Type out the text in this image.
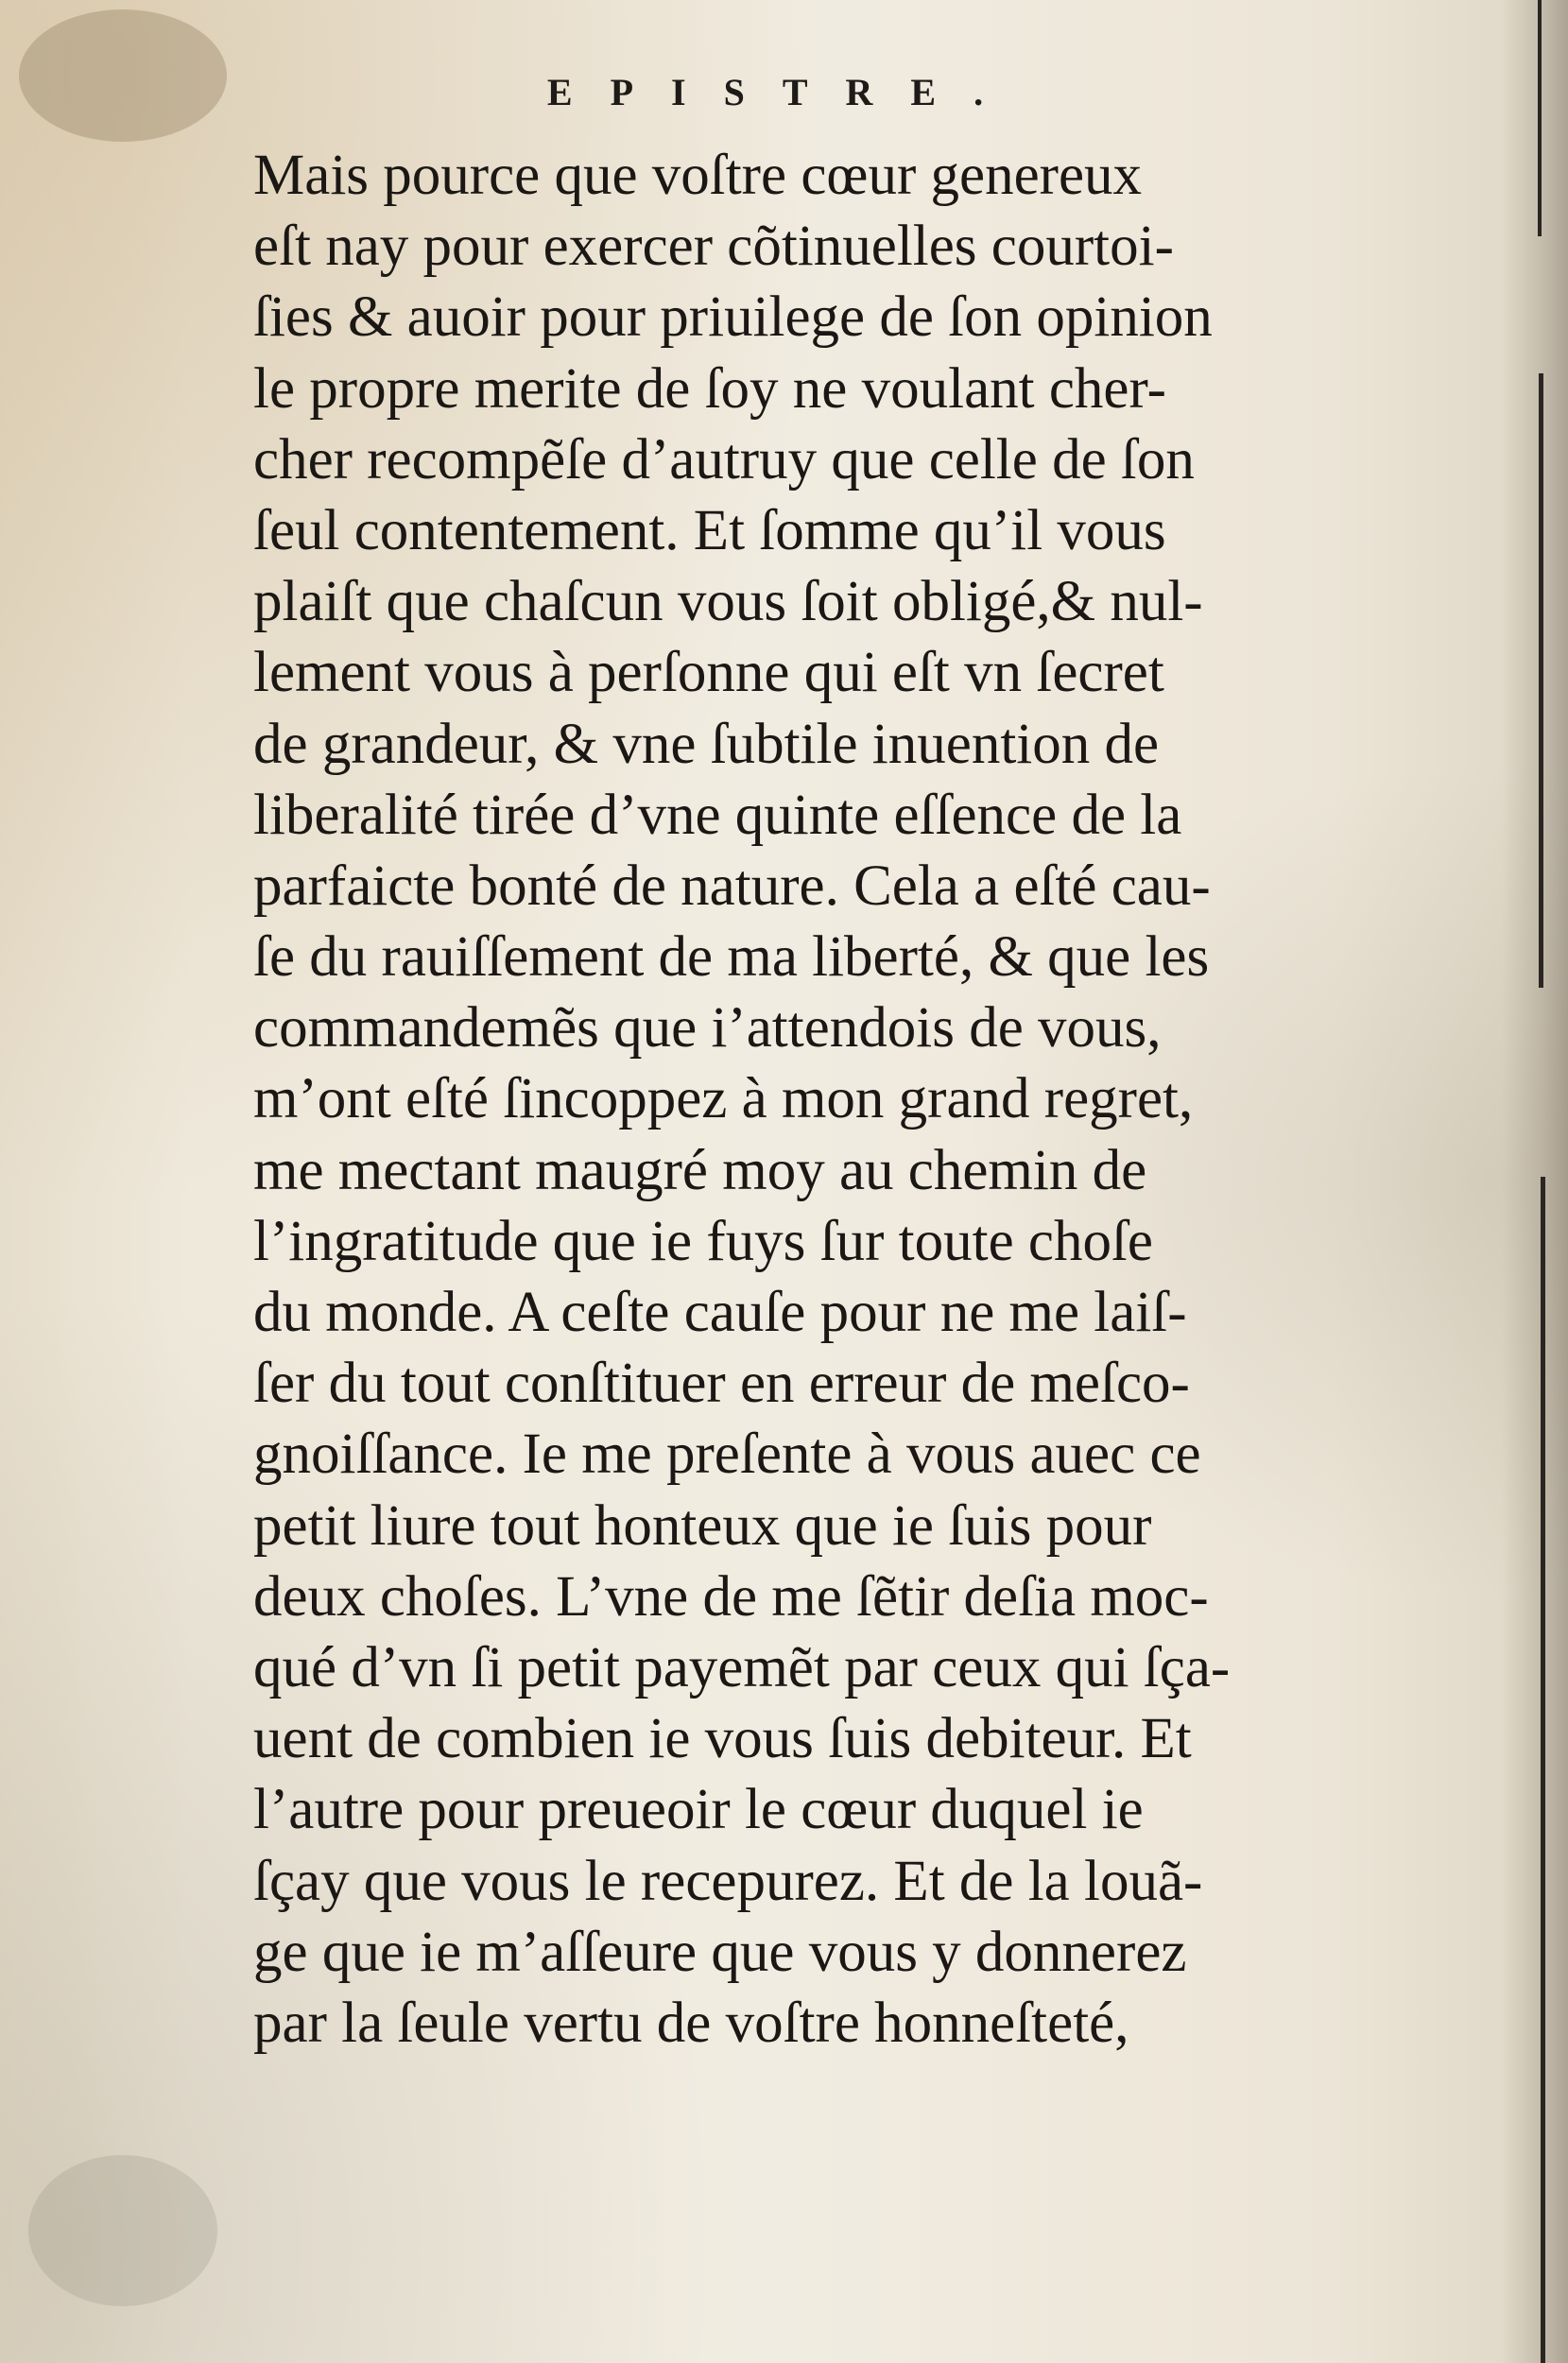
EPISTRE.
Mais pource que voſtre cœur genereux
eſt nay pour exercer cõtinuelles courtoi-
ſies & auoir pour priuilege de ſon opinion
le propre merite de ſoy ne voulant cher-
cher recompẽſe d’autruy que celle de ſon
ſeul contentement. Et ſomme qu’il vous
plaiſt que chaſcun vous ſoit obligé,& nul-
lement vous à perſonne qui eſt vn ſecret
de grandeur, & vne ſubtile inuention de
liberalité tirée d’vne quinte eſſence de la
parfaicte bonté de nature. Cela a eſté cau-
ſe du rauiſſement de ma liberté, & que les
commandemẽs que i’attendois de vous,
m’ont eſté ſincoppez à mon grand regret,
me mectant maugré moy au chemin de
l’ingratitude que ie fuys ſur toute choſe
du monde. A ceſte cauſe pour ne me laiſ-
ſer du tout conſtituer en erreur de meſco-
gnoiſſance. Ie me preſente à vous auec ce
petit liure tout honteux que ie ſuis pour
deux choſes. L’vne de me ſẽtir deſia moc-
qué d’vn ſi petit payemẽt par ceux qui ſça-
uent de combien ie vous ſuis debiteur. Et
l’autre pour preueoir le cœur duquel ie
ſçay que vous le recepurez. Et de la louã-
ge que ie m’aſſeure que vous y donnerez
par la ſeule vertu de voſtre honneſteté,
